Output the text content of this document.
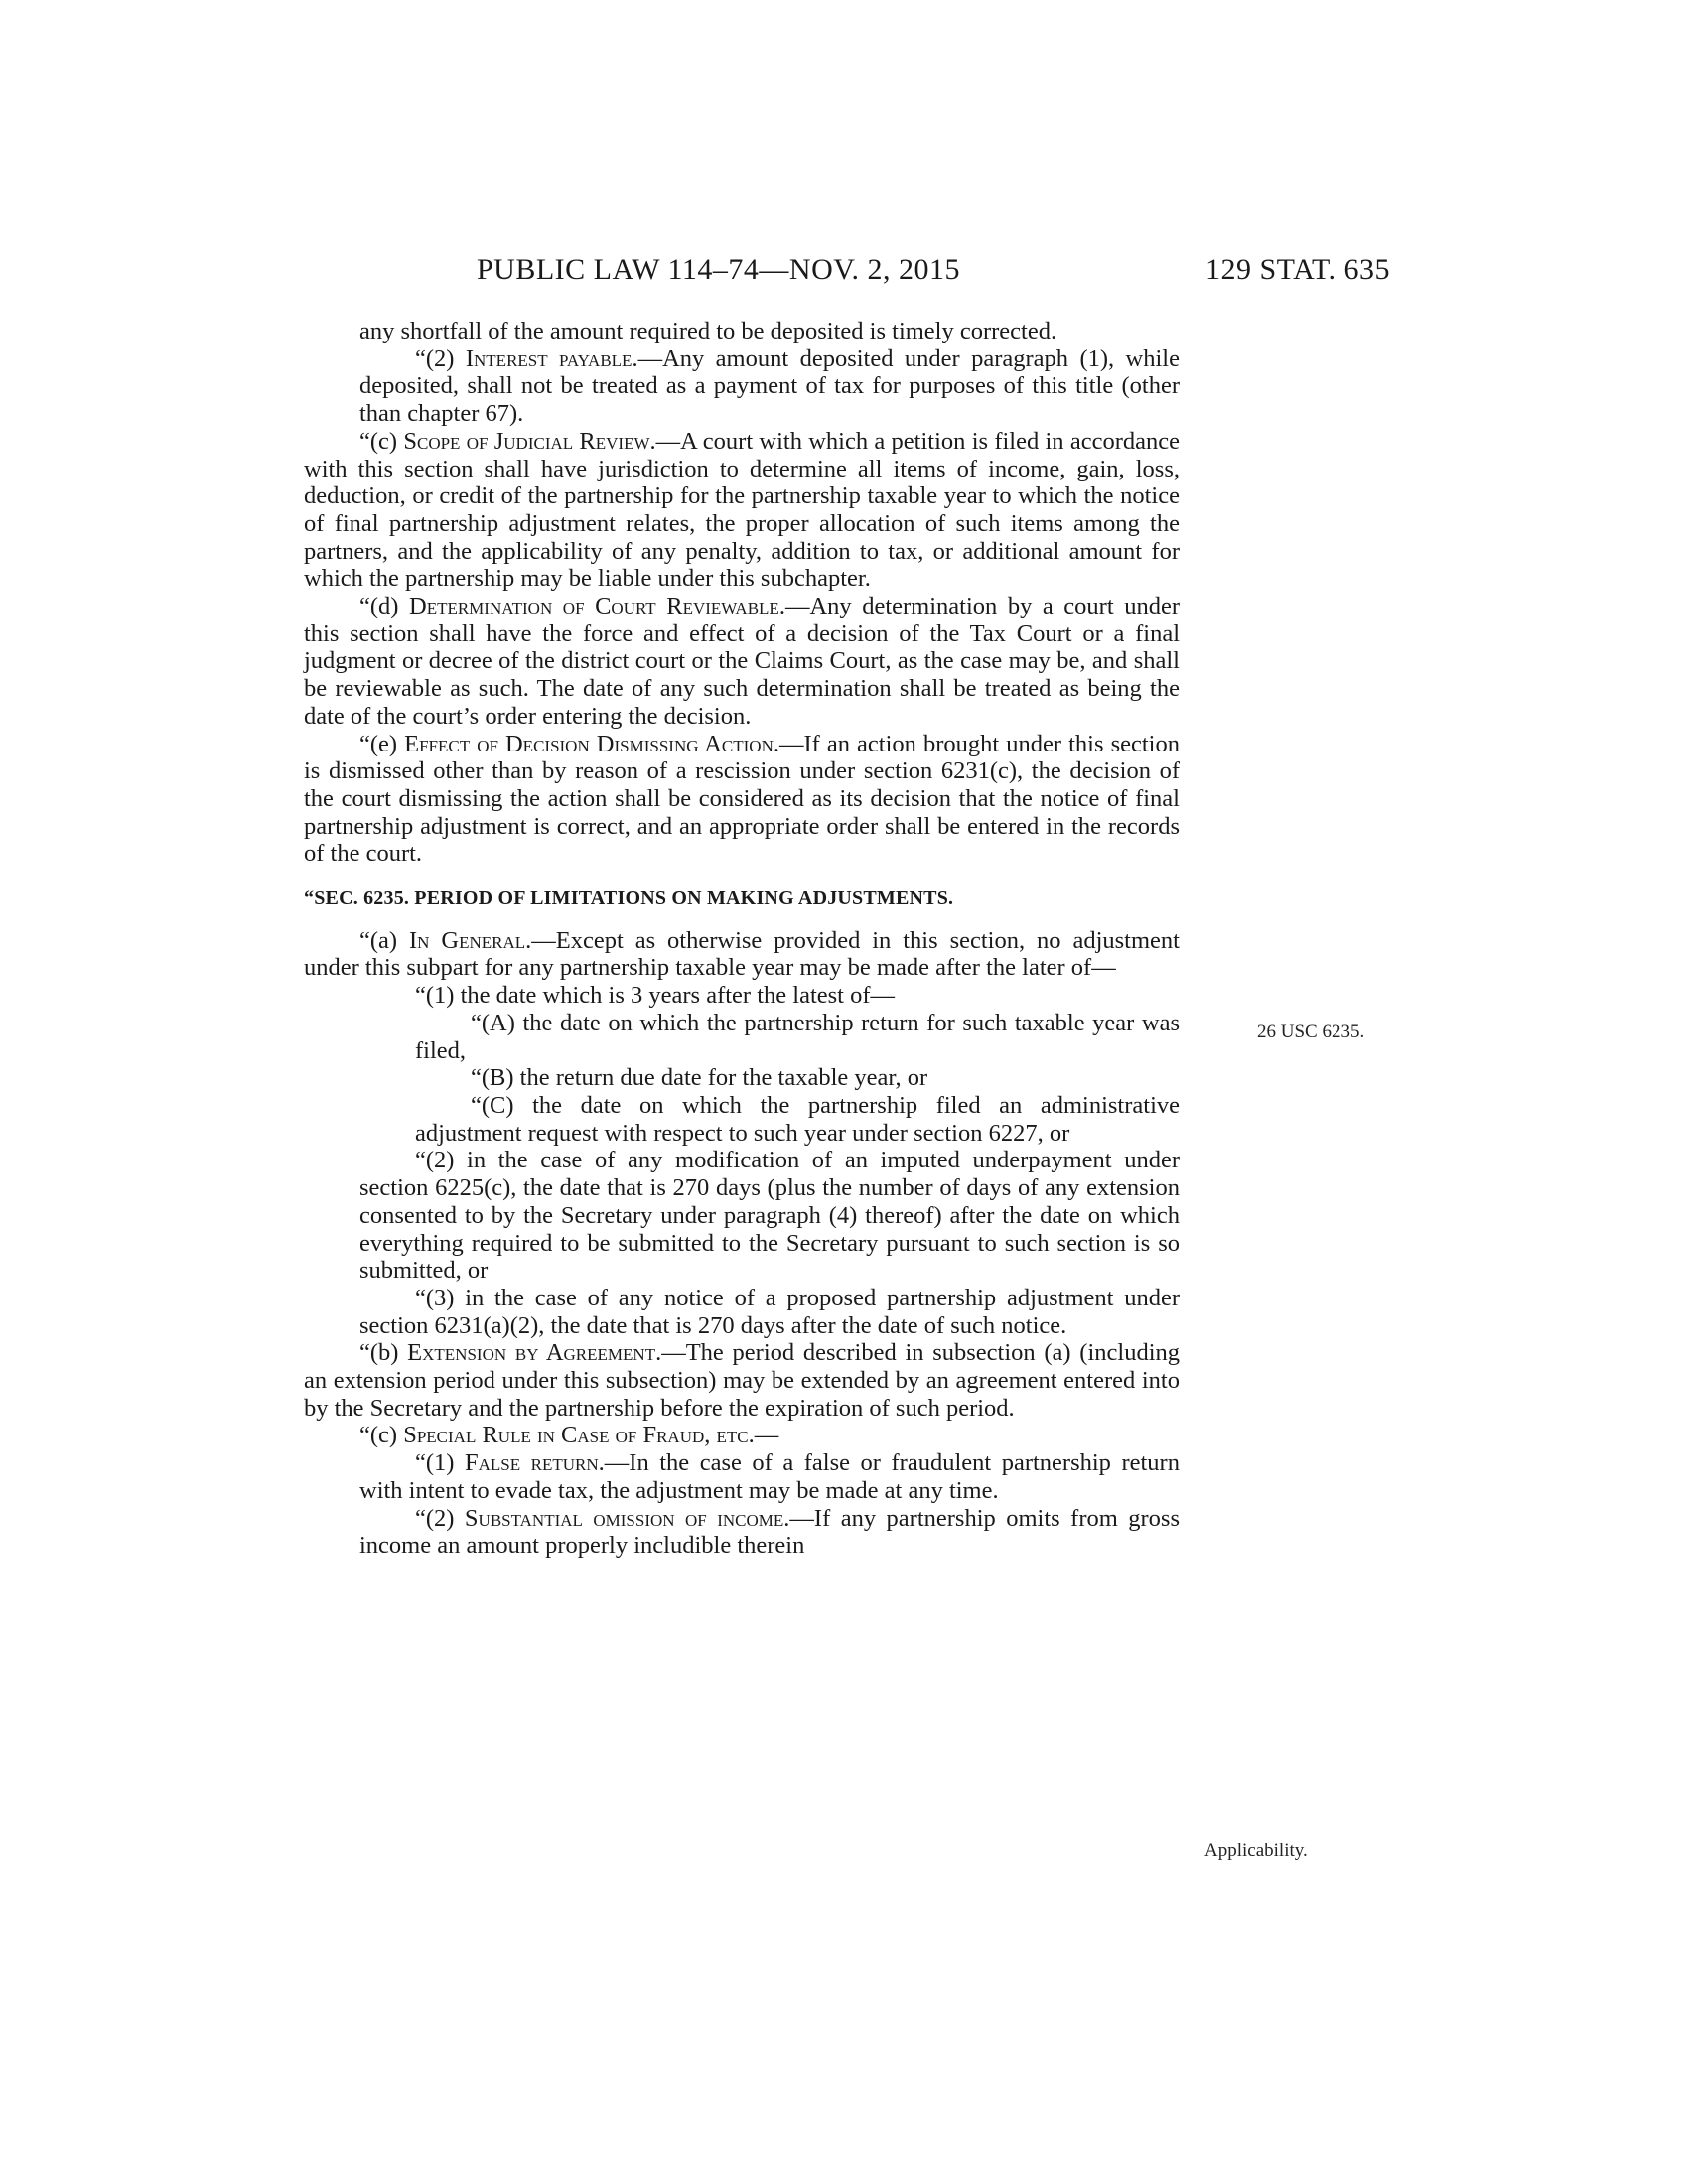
PUBLIC LAW 114–74—NOV. 2, 2015	129 STAT. 635
26 USC 6235.
Applicability.

any shortfall of the amount required to be deposited is timely corrected.

“(2) Interest payable.—Any amount deposited under paragraph (1), while deposited, shall not be treated as a payment of tax for purposes of this title (other than chapter 67).

“(c) Scope of Judicial Review.—A court with which a petition is filed in accordance with this section shall have jurisdiction to determine all items of income, gain, loss, deduction, or credit of the partnership for the partnership taxable year to which the notice of final partnership adjustment relates, the proper allocation of such items among the partners, and the applicability of any penalty, addition to tax, or additional amount for which the partnership may be liable under this subchapter.

“(d) Determination of Court Reviewable.—Any determination by a court under this section shall have the force and effect of a decision of the Tax Court or a final judgment or decree of the district court or the Claims Court, as the case may be, and shall be reviewable as such. The date of any such determination shall be treated as being the date of the court’s order entering the decision.

“(e) Effect of Decision Dismissing Action.—If an action brought under this section is dismissed other than by reason of a rescission under section 6231(c), the decision of the court dismissing the action shall be considered as its decision that the notice of final partnership adjustment is correct, and an appropriate order shall be entered in the records of the court.

“SEC. 6235. PERIOD OF LIMITATIONS ON MAKING ADJUSTMENTS.

“(a) In General.—Except as otherwise provided in this section, no adjustment under this subpart for any partnership taxable year may be made after the later of—

“(1) the date which is 3 years after the latest of—

“(A) the date on which the partnership return for such taxable year was filed,

“(B) the return due date for the taxable year, or

“(C) the date on which the partnership filed an administrative adjustment request with respect to such year under section 6227, or

“(2) in the case of any modification of an imputed underpayment under section 6225(c), the date that is 270 days (plus the number of days of any extension consented to by the Secretary under paragraph (4) thereof) after the date on which everything required to be submitted to the Secretary pursuant to such section is so submitted, or

“(3) in the case of any notice of a proposed partnership adjustment under section 6231(a)(2), the date that is 270 days after the date of such notice.

“(b) Extension by Agreement.—The period described in subsection (a) (including an extension period under this subsection) may be extended by an agreement entered into by the Secretary and the partnership before the expiration of such period.

“(c) Special Rule in Case of Fraud, etc.—

“(1) False return.—In the case of a false or fraudulent partnership return with intent to evade tax, the adjustment may be made at any time.

“(2) Substantial omission of income.—If any partnership omits from gross income an amount properly includible therein
